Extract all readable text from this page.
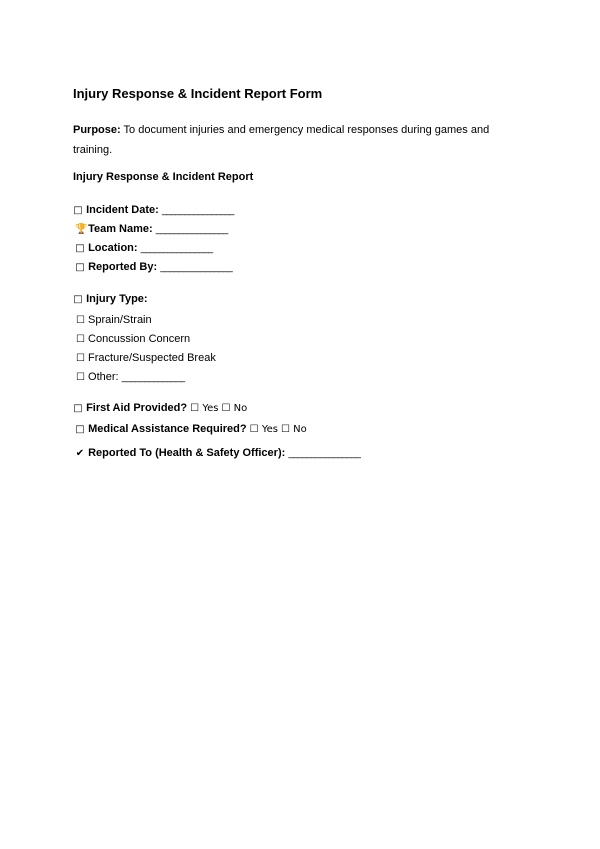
Injury Response & Incident Report Form
Purpose: To document injuries and emergency medical responses during games and training.
Injury Response & Incident Report
□ Incident Date: ________________
🏆 Team Name: ________________
□ Location: ________________
□ Reported By: ________________
□ Injury Type:
☐ Sprain/Strain
☐ Concussion Concern
☐ Fracture/Suspected Break
☐ Other: ______________
□ First Aid Provided? ☐ Yes ☐ No
□ Medical Assistance Required? ☐ Yes ☐ No
✔ Reported To (Health & Safety Officer): ________________
